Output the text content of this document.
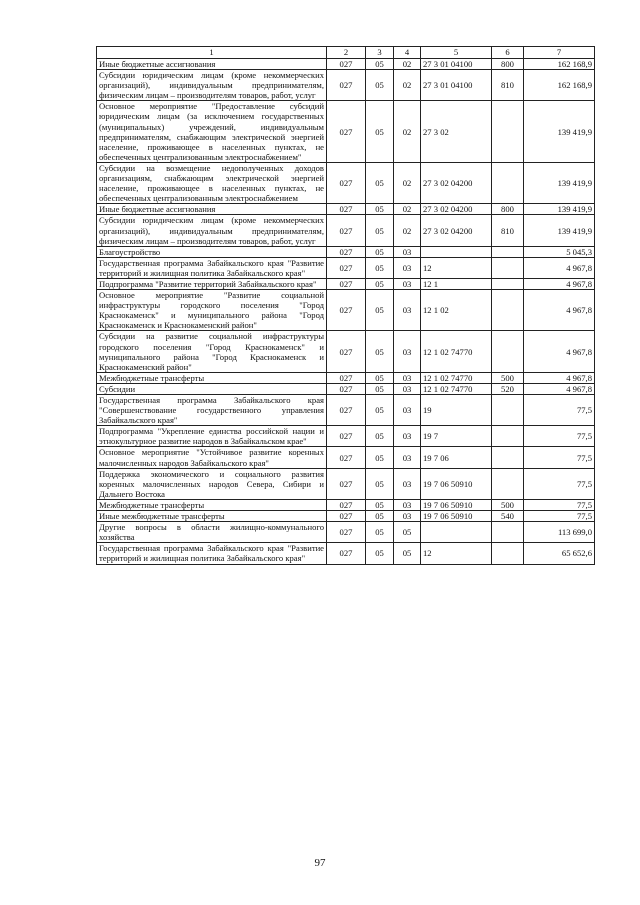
1	2	3	4	5	6	7
Иные бюджетные ассигнования	027	05	02	27 3 01 04100	800	162 168,9
Субсидии юридическим лицам (кроме некоммерческих организаций), индивидуальным предпринимателям, физическим лицам – производителям товаров, работ, услуг	027	05	02	27 3 01 04100	810	162 168,9
Основное мероприятие "Предоставление субсидий юридическим лицам (за исключением государственных (муниципальных) учреждений, индивидуальным предпринимателям, снабжающим электрической энергией население, проживающее в населенных пунктах, не обеспеченных централизованным электроснабжением"	027	05	02	27 3 02		139 419,9
Субсидии на возмещение недополученных доходов организациям, снабжающим электрической энергией население, проживающее в населенных пунктах, не обеспеченных централизованным электроснабжением	027	05	02	27 3 02 04200		139 419,9
Иные бюджетные ассигнования	027	05	02	27 3 02 04200	800	139 419,9
Субсидии юридическим лицам (кроме некоммерческих организаций), индивидуальным предпринимателям, физическим лицам – производителям товаров, работ, услуг	027	05	02	27 3 02 04200	810	139 419,9
Благоустройство	027	05	03			5 045,3
Государственная программа Забайкальского края "Развитие территорий и жилищная политика Забайкальского края"	027	05	03	12		4 967,8
Подпрограмма "Развитие территорий Забайкальского края"	027	05	03	12 1		4 967,8
Основное мероприятие "Развитие социальной инфраструктуры городского поселения "Город Краснокаменск" и муниципального района "Город Краснокаменск и Краснокаменский район"	027	05	03	12 1 02		4 967,8
Субсидии на развитие социальной инфраструктуры городского поселения "Город Краснокаменск" и муниципального района "Город Краснокаменск и Краснокаменский район"	027	05	03	12 1 02 74770		4 967,8
Межбюджетные трансферты	027	05	03	12 1 02 74770	500	4 967,8
Субсидии	027	05	03	12 1 02 74770	520	4 967,8
Государственная программа Забайкальского края "Совершенствование государственного управления Забайкальского края"	027	05	03	19		77,5
Подпрограмма "Укрепление единства российской нации и этнокультурное развитие народов в Забайкальском крае"	027	05	03	19 7		77,5
Основное мероприятие "Устойчивое развитие коренных малочисленных народов Забайкальского края"	027	05	03	19 7 06		77,5
Поддержка экономического и социального развития коренных малочисленных народов Севера, Сибири и Дальнего Востока	027	05	03	19 7 06 50910		77,5
Межбюджетные трансферты	027	05	03	19 7 06 50910	500	77,5
Иные межбюджетные трансферты	027	05	03	19 7 06 50910	540	77,5
Другие вопросы в области жилищно-коммунального хозяйства	027	05	05			113 699,0
Государственная программа Забайкальского края "Развитие территорий и жилищная политика Забайкальского края"	027	05	05	12		65 652,6
97
